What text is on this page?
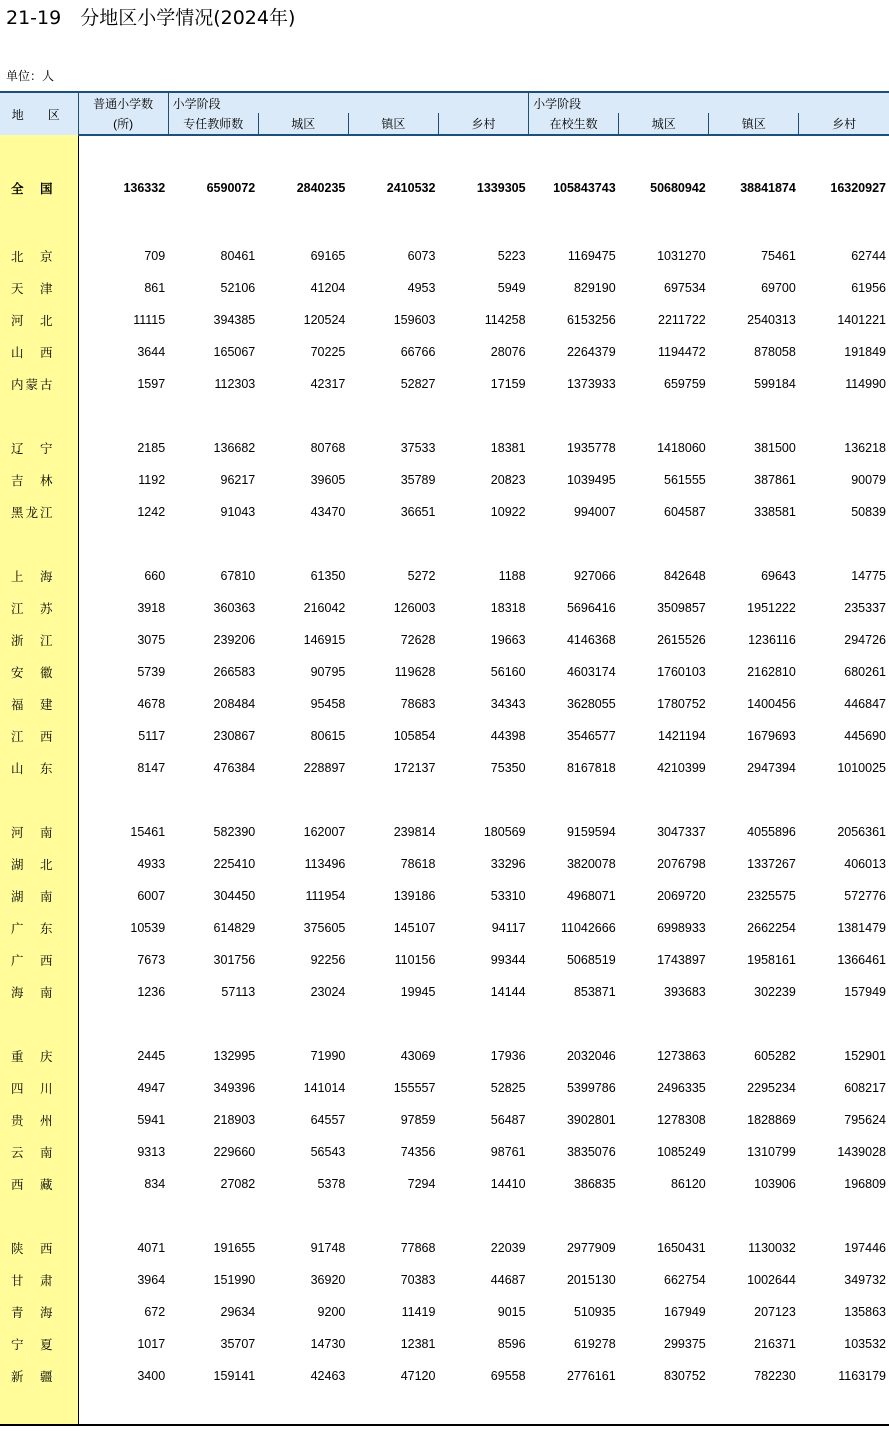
21-19　分地区小学情况(2024年)
单位：人
地　区	普通小学数	小学阶段				小学阶段			
	(所)	专任教师数	城区	镇区	乡村	在校生数	城区	镇区	乡村

全　国	136332	6590072	2840235	2410532	1339305	105843743	50680942	38841874	16320927

北　京	709	80461	69165	6073	5223	1169475	1031270	75461	62744
天　津	861	52106	41204	4953	5949	829190	697534	69700	61956
河　北	11115	394385	120524	159603	114258	6153256	2211722	2540313	1401221
山　西	3644	165067	70225	66766	28076	2264379	1194472	878058	191849
内蒙古	1597	112303	42317	52827	17159	1373933	659759	599184	114990

辽　宁	2185	136682	80768	37533	18381	1935778	1418060	381500	136218
吉　林	1192	96217	39605	35789	20823	1039495	561555	387861	90079
黑龙江	1242	91043	43470	36651	10922	994007	604587	338581	50839

上　海	660	67810	61350	5272	1188	927066	842648	69643	14775
江　苏	3918	360363	216042	126003	18318	5696416	3509857	1951222	235337
浙　江	3075	239206	146915	72628	19663	4146368	2615526	1236116	294726
安　徽	5739	266583	90795	119628	56160	4603174	1760103	2162810	680261
福　建	4678	208484	95458	78683	34343	3628055	1780752	1400456	446847
江　西	5117	230867	80615	105854	44398	3546577	1421194	1679693	445690
山　东	8147	476384	228897	172137	75350	8167818	4210399	2947394	1010025

河　南	15461	582390	162007	239814	180569	9159594	3047337	4055896	2056361
湖　北	4933	225410	113496	78618	33296	3820078	2076798	1337267	406013
湖　南	6007	304450	111954	139186	53310	4968071	2069720	2325575	572776
广　东	10539	614829	375605	145107	94117	11042666	6998933	2662254	1381479
广　西	7673	301756	92256	110156	99344	5068519	1743897	1958161	1366461
海　南	1236	57113	23024	19945	14144	853871	393683	302239	157949

重　庆	2445	132995	71990	43069	17936	2032046	1273863	605282	152901
四　川	4947	349396	141014	155557	52825	5399786	2496335	2295234	608217
贵　州	5941	218903	64557	97859	56487	3902801	1278308	1828869	795624
云　南	9313	229660	56543	74356	98761	3835076	1085249	1310799	1439028
西　藏	834	27082	5378	7294	14410	386835	86120	103906	196809

陕　西	4071	191655	91748	77868	22039	2977909	1650431	1130032	197446
甘　肃	3964	151990	36920	70383	44687	2015130	662754	1002644	349732
青　海	672	29634	9200	11419	9015	510935	167949	207123	135863
宁　夏	1017	35707	14730	12381	8596	619278	299375	216371	103532
新　疆	3400	159141	42463	47120	69558	2776161	830752	782230	1163179
